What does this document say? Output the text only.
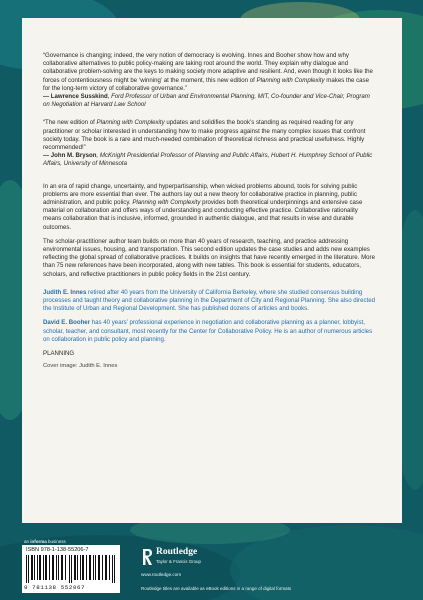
“Governance is changing; indeed, the very notion of democracy is evolving. Innes and Booher show how and why collaborative alternatives to public policy-making are taking root around the world. They explain why dialogue and collaborative problem-solving are the keys to making society more adaptive and resilient. And, even though it looks like the forces of contentiousness might be ‘winning’ at the moment, this new edition of Planning with Complexity makes the case for the long-term victory of collaborative governance.”
— Lawrence Susskind, Ford Professor of Urban and Environmental Planning, MIT, Co-founder and Vice-Chair, Program on Negotiation at Harvard Law School

“The new edition of Planning with Complexity updates and solidifies the book’s standing as required reading for any practitioner or scholar interested in understanding how to make progress against the many complex issues that confront society today. The book is a rare and much-needed combination of theoretical richness and practical usefulness. Highly recommended!”
— John M. Bryson, McKnight Presidential Professor of Planning and Public Affairs, Hubert H. Humphrey School of Public Affairs, University of Minnesota

In an era of rapid change, uncertainty, and hyperpartisanship, when wicked problems abound, tools for solving public problems are more essential than ever. The authors lay out a new theory for collaborative practice in planning, public administration, and public policy. Planning with Complexity provides both theoretical underpinnings and extensive case material on collaboration and offers ways of understanding and conducting effective practice. Collaborative rationality means collaboration that is inclusive, informed, grounded in authentic dialogue, and that results in wise and durable outcomes.

The scholar-practitioner author team builds on more than 40 years of research, teaching, and practice addressing environmental issues, housing, and transportation. This second edition updates the case studies and adds new examples reflecting the global spread of collaborative practices. It builds on insights that have recently emerged in the literature. More than 75 new references have been incorporated, along with new tables. This book is essential for students, educators, scholars, and reflective practitioners in public policy fields in the 21st century.

Judith E. Innes retired after 40 years from the University of California Berkeley, where she studied consensus building processes and taught theory and collaborative planning in the Department of City and Regional Planning. She also directed the Institute of Urban and Regional Development. She has published dozens of articles and books.

David E. Booher has 40 years’ professional experience in negotiation and collaborative planning as a planner, lobbyist, scholar, teacher, and consultant, most recently for the Center for Collaborative Policy. He is an author of numerous articles on collaboration in public policy and planning.

PLANNING

Cover image: Judith E. Innes

an informa business
ISBN 978-1-138-55206-7
9 781138 552067
Routledge
Taylor & Francis Group
www.routledge.com
Routledge titles are available as eBook editions in a range of digital formats
